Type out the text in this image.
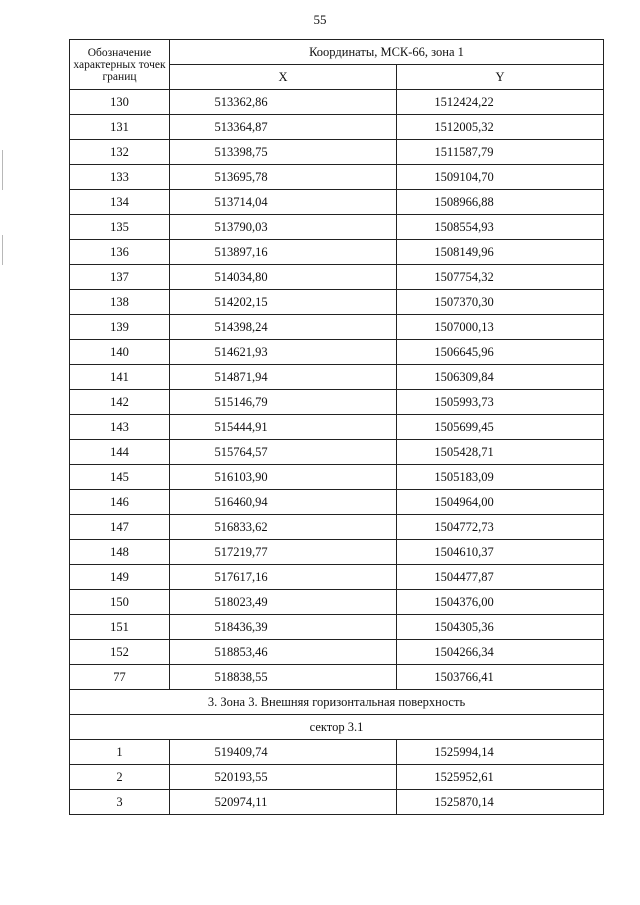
55
Обозначение характерных точек границ	Координаты, МСК-66, зона 1	
	X	Y
130	513362,86	1512424,22
131	513364,87	1512005,32
132	513398,75	1511587,79
133	513695,78	1509104,70
134	513714,04	1508966,88
135	513790,03	1508554,93
136	513897,16	1508149,96
137	514034,80	1507754,32
138	514202,15	1507370,30
139	514398,24	1507000,13
140	514621,93	1506645,96
141	514871,94	1506309,84
142	515146,79	1505993,73
143	515444,91	1505699,45
144	515764,57	1505428,71
145	516103,90	1505183,09
146	516460,94	1504964,00
147	516833,62	1504772,73
148	517219,77	1504610,37
149	517617,16	1504477,87
150	518023,49	1504376,00
151	518436,39	1504305,36
152	518853,46	1504266,34
77	518838,55	1503766,41
3. Зона 3. Внешняя горизонтальная поверхность		
сектор 3.1		
1	519409,74	1525994,14
2	520193,55	1525952,61
3	520974,11	1525870,14
